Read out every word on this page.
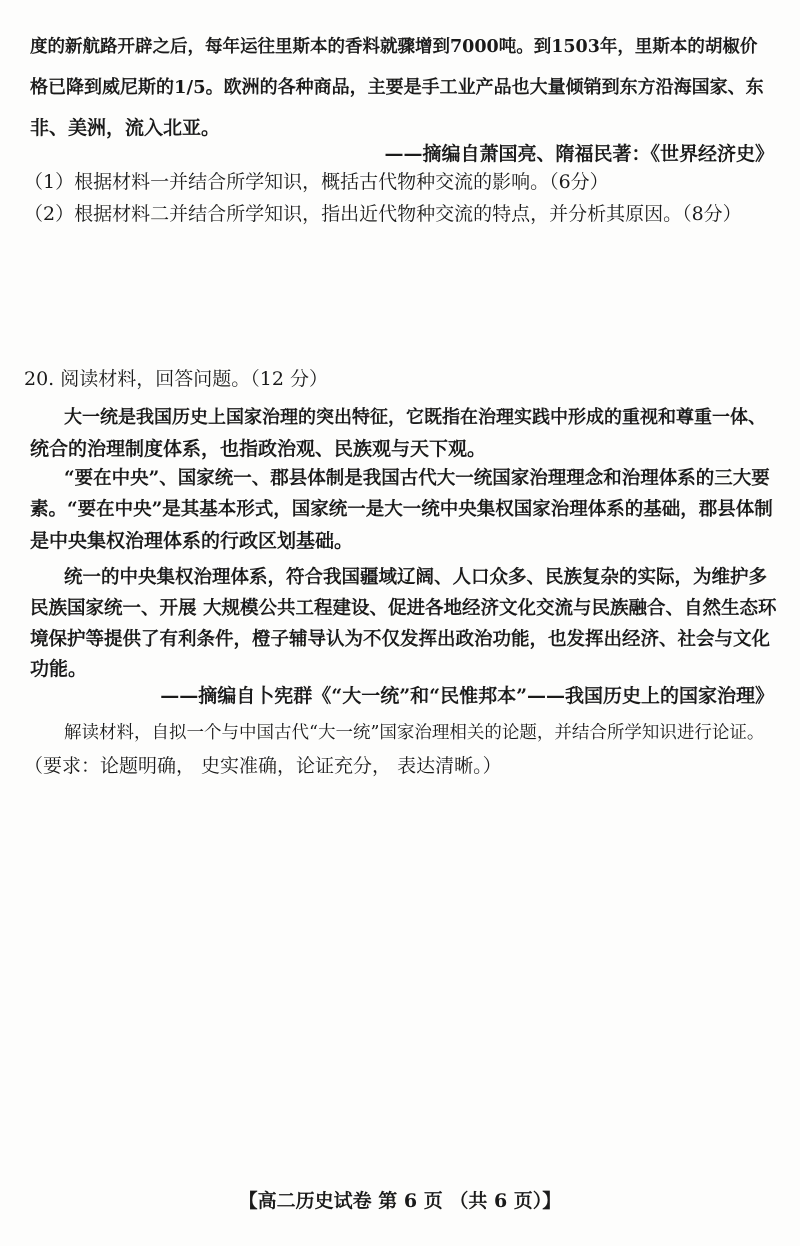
度的新航路开辟之后，每年运往里斯本的香料就骤增到7000吨。到1503年，里斯本的胡椒价
格已降到威尼斯的1/5。欧洲的各种商品，主要是手工业产品也大量倾销到东方沿海国家、东
非、美洲，流入北亚。
——摘编自萧国亮、隋福民著：《世界经济史》
（1）根据材料一并结合所学知识，概括古代物种交流的影响。（6分）
（2）根据材料二并结合所学知识，指出近代物种交流的特点，并分析其原因。（8分）
20. 阅读材料，回答问题。（12 分）
大一统是我国历史上国家治理的突出特征，它既指在治理实践中形成的重视和尊重一体、
统合的治理制度体系，也指政治观、民族观与天下观。
“要在中央”、国家统一、郡县体制是我国古代大一统国家治理理念和治理体系的三大要
素。“要在中央”是其基本形式，国家统一是大一统中央集权国家治理体系的基础，郡县体制
是中央集权治理体系的行政区划基础。
统一的中央集权治理体系，符合我国疆域辽阔、人口众多、民族复杂的实际，为维护多
民族国家统一、开展 大规模公共工程建设、促进各地经济文化交流与民族融合、自然生态环
境保护等提供了有利条件，橙子辅导认为不仅发挥出政治功能，也发挥出经济、社会与文化
功能。
——摘编自卜宪群《“大一统”和“民惟邦本”——我国历史上的国家治理》
解读材料，自拟一个与中国古代“大一统”国家治理相关的论题，并结合所学知识进行论证。
（要求：论题明确， 史实准确，论证充分， 表达清晰。）
【高二历史试卷 第 6 页 （共 6 页）】
